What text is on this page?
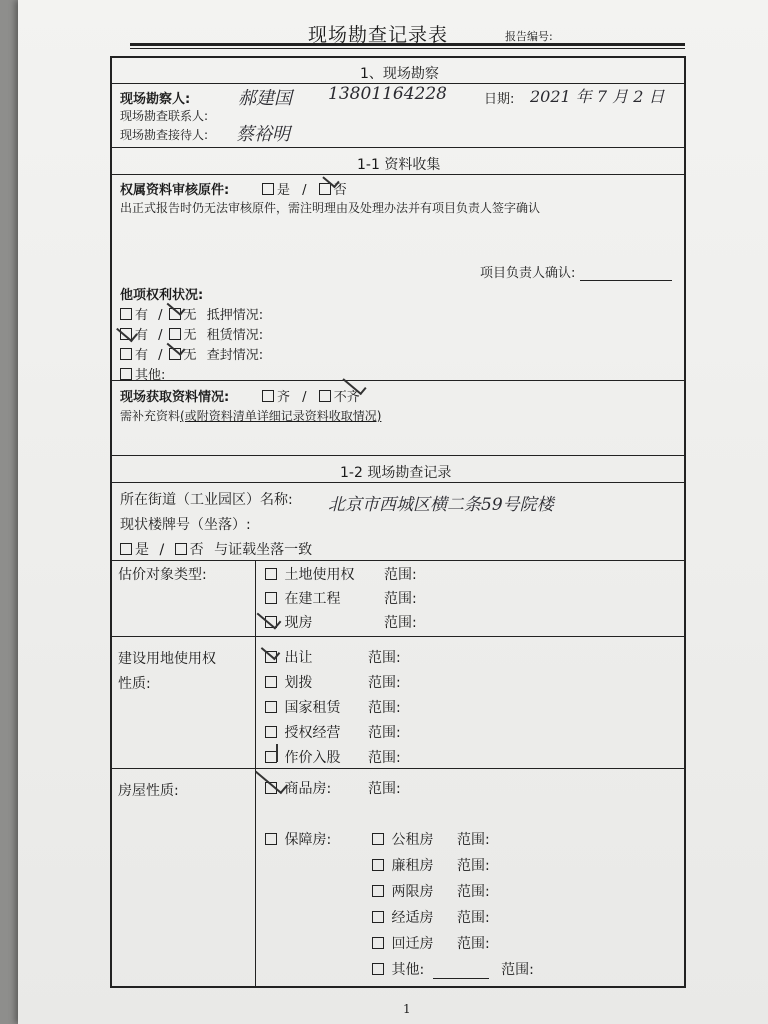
现场勘查记录表	报告编号:
1、现场勘察
现场勘察人:	郝建国 13801164228	日期: 2021 年 7 月 2 日
现场勘查联系人:
现场勘查接待人: 蔡裕明
1-1 资料收集
权属资料审核原件:	是 / 否
出正式报告时仍无法审核原件，需注明理由及处理办法并有项目负责人签字确认
项目负责人确认:
他项权利状况:
有 / 无 抵押情况:
有 / 无 租赁情况:
有 / 无 查封情况:
其他:
现场获取资料情况:	齐 / 不齐
需补充资料(或附资料清单详细记录资料收取情况)
1-2 现场勘查记录
所在街道（工业园区）名称: 北京市西城区横二条59号院楼
现状楼牌号（坐落）:
是 / 否 与证载坐落一致
估价对象类型:	土地使用权 范围:
在建工程	范围:
现房	范围:
建设用地使用权
性质:
出让	范围:
划拨	范围:
国家租赁 范围:
授权经营 范围:
作价入股 范围:
房屋性质:	商品房:	范围:
保障房:	公租房 范围:
廉租房 范围:
两限房 范围:
经适房 范围:
回迁房 范围:
其他:	范围:
1
